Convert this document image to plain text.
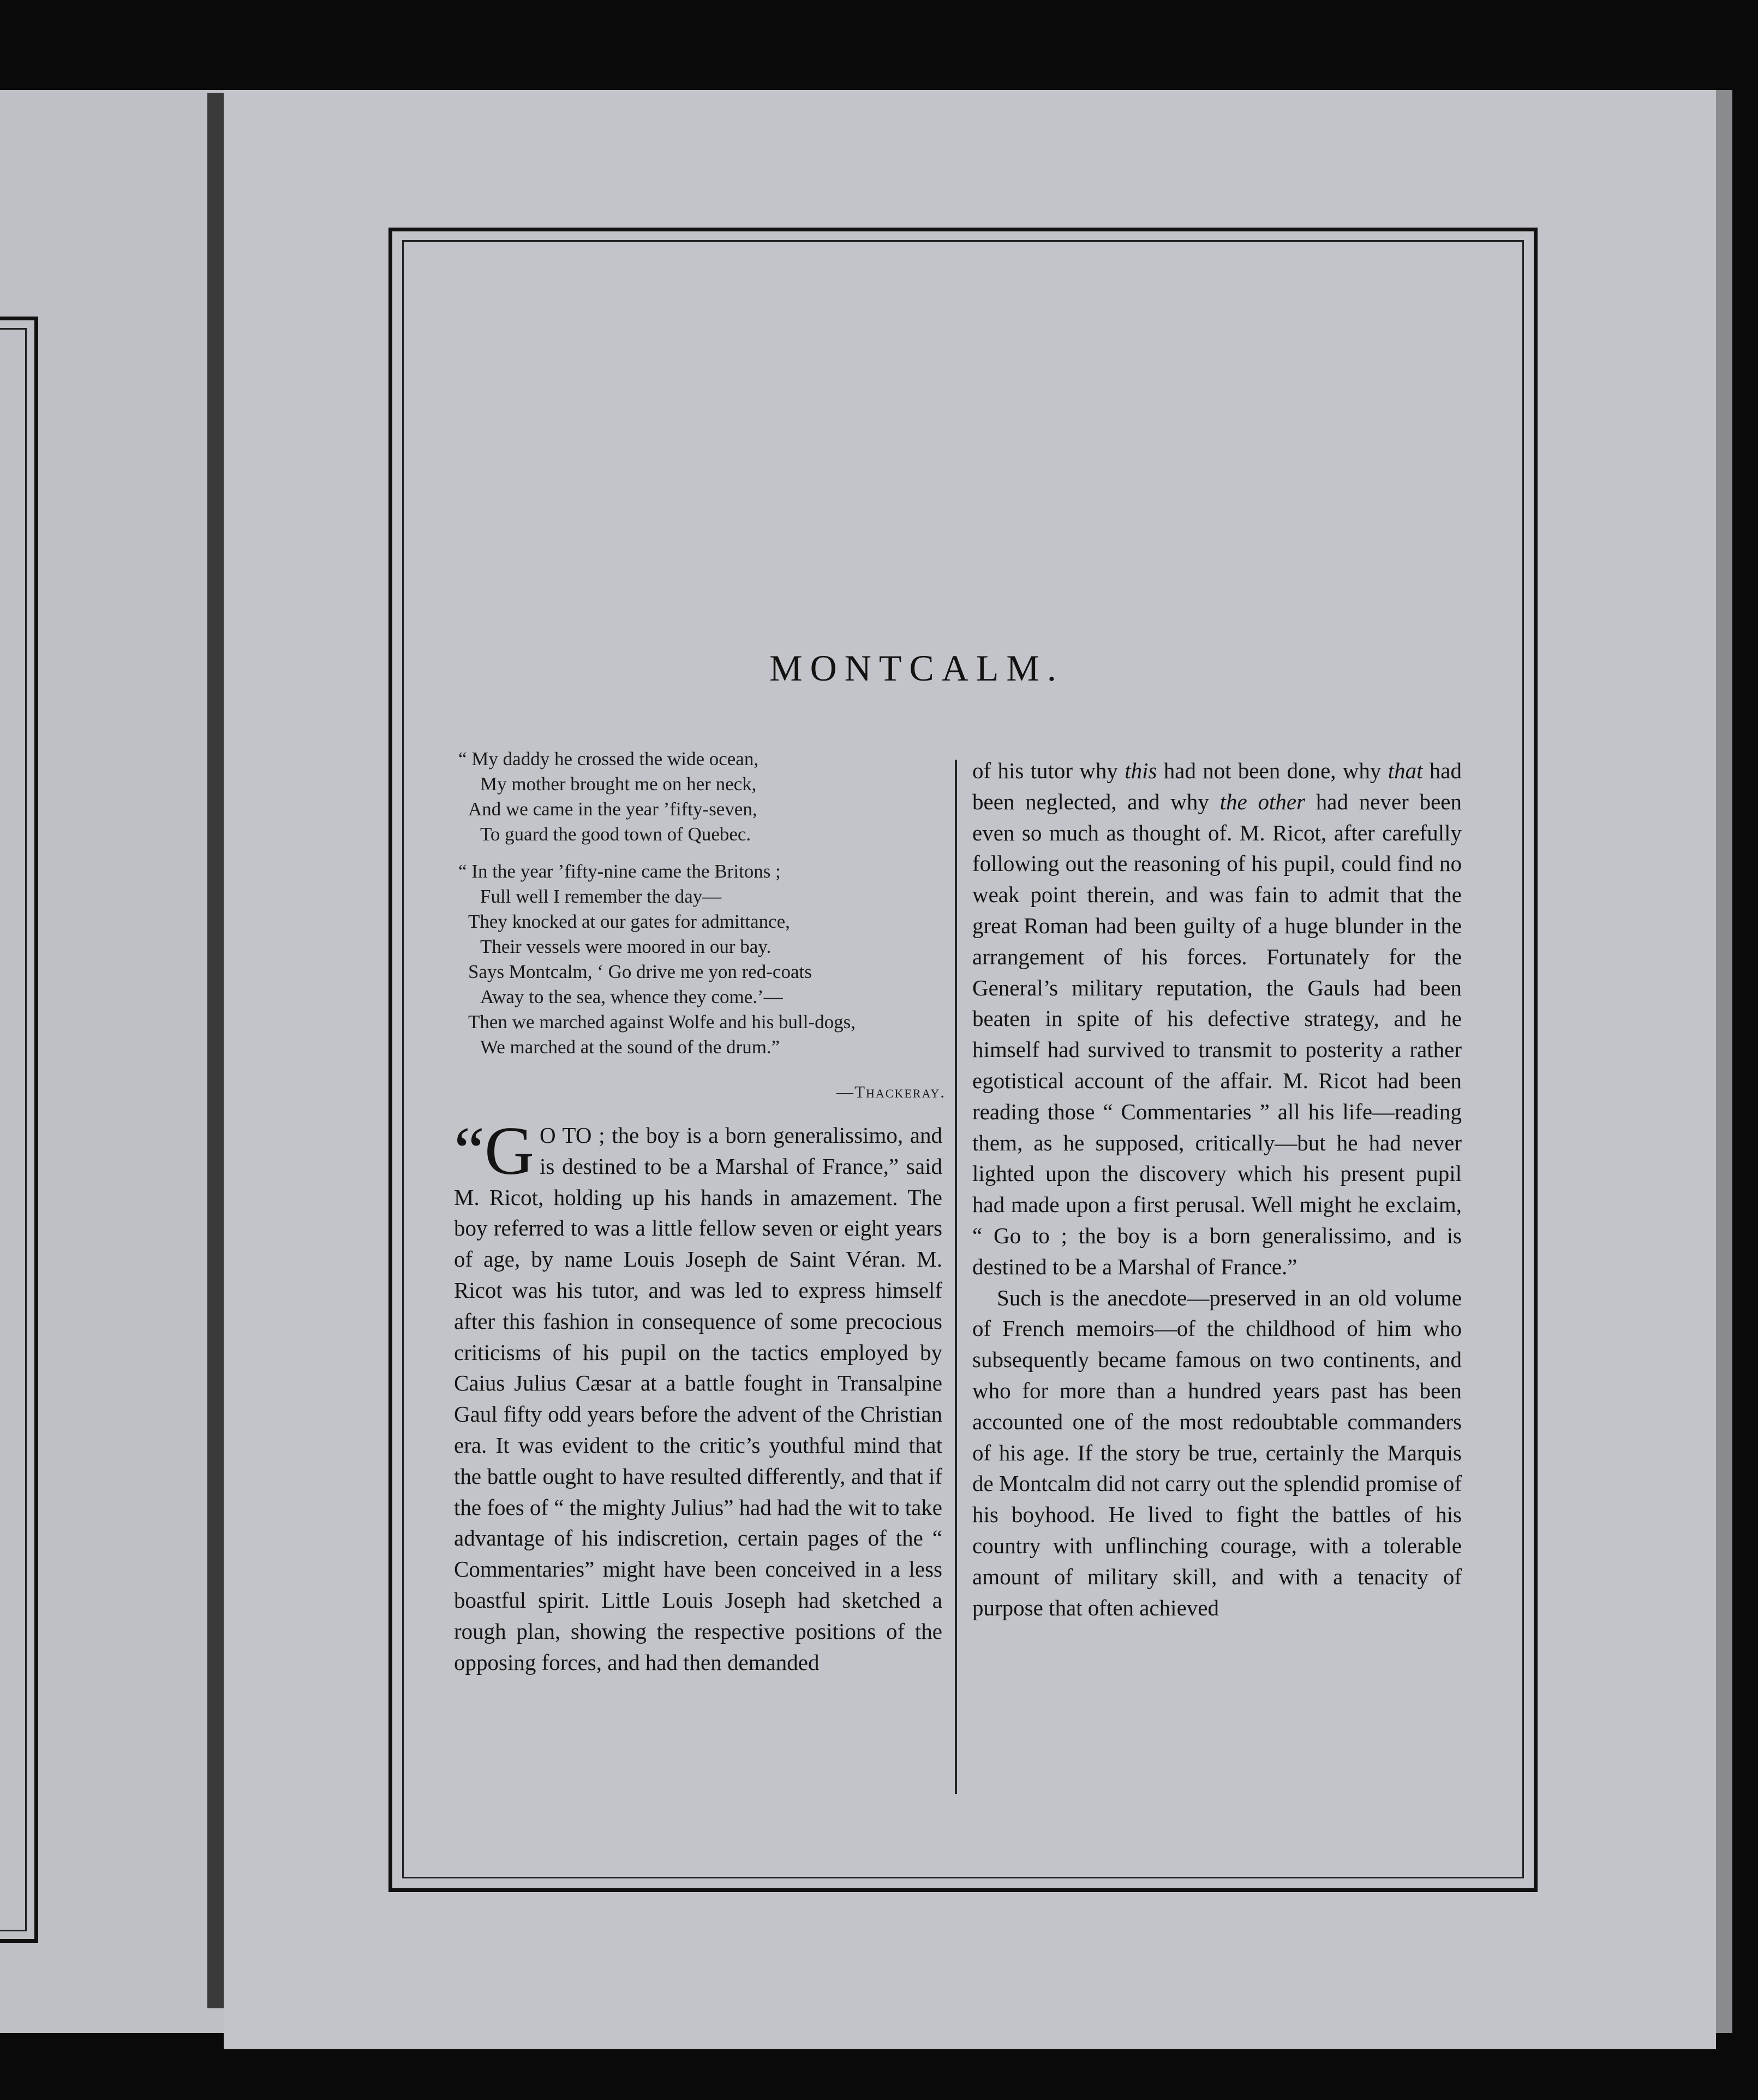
MONTCALM.
“ My daddy he crossed the wide ocean,
My mother brought me on her neck,
And we came in the year ’fifty-seven,
To guard the good town of Quebec.
“ In the year ’fifty-nine came the Britons ;
Full well I remember the day—
They knocked at our gates for admittance,
Their vessels were moored in our bay.
Says Montcalm, ‘ Go drive me yon red-coats
Away to the sea, whence they come.’—
Then we marched against Wolfe and his bull-dogs,
We marched at the sound of the drum.”
—Thackeray.

“G O TO ; the boy is a born generalissimo, and is destined to be a Marshal of France,” said M. Ricot, holding up his hands in amazement. The boy referred to was a little fellow seven or eight years of age, by name Louis Joseph de Saint Véran. M. Ricot was his tutor, and was led to express himself after this fashion in consequence of some precocious criticisms of his pupil on the tactics employed by Caius Julius Cæsar at a battle fought in Transalpine Gaul fifty odd years before the advent of the Christian era. It was evident to the critic’s youthful mind that the battle ought to have resulted differently, and that if the foes of “ the mighty Julius” had had the wit to take advantage of his indiscretion, certain pages of the “ Commentaries” might have been conceived in a less boastful spirit. Little Louis Joseph had sketched a rough plan, showing the respective positions of the opposing forces, and had then demanded

of his tutor why this had not been done, why that had been neglected, and why the other had never been even so much as thought of. M. Ricot, after carefully following out the reasoning of his pupil, could find no weak point therein, and was fain to admit that the great Roman had been guilty of a huge blunder in the arrangement of his forces. Fortunately for the General’s military reputation, the Gauls had been beaten in spite of his defective strategy, and he himself had survived to transmit to posterity a rather egotistical account of the affair. M. Ricot had been reading those “ Commentaries ” all his life—reading them, as he supposed, critically—but he had never lighted upon the discovery which his present pupil had made upon a first perusal. Well might he exclaim, “ Go to ; the boy is a born generalissimo, and is destined to be a Marshal of France.”

Such is the anecdote—preserved in an old volume of French memoirs—of the childhood of him who subsequently became famous on two continents, and who for more than a hundred years past has been accounted one of the most redoubtable commanders of his age. If the story be true, certainly the Marquis de Montcalm did not carry out the splendid promise of his boyhood. He lived to fight the battles of his country with unflinching courage, with a tolerable amount of military skill, and with a tenacity of purpose that often achieved
